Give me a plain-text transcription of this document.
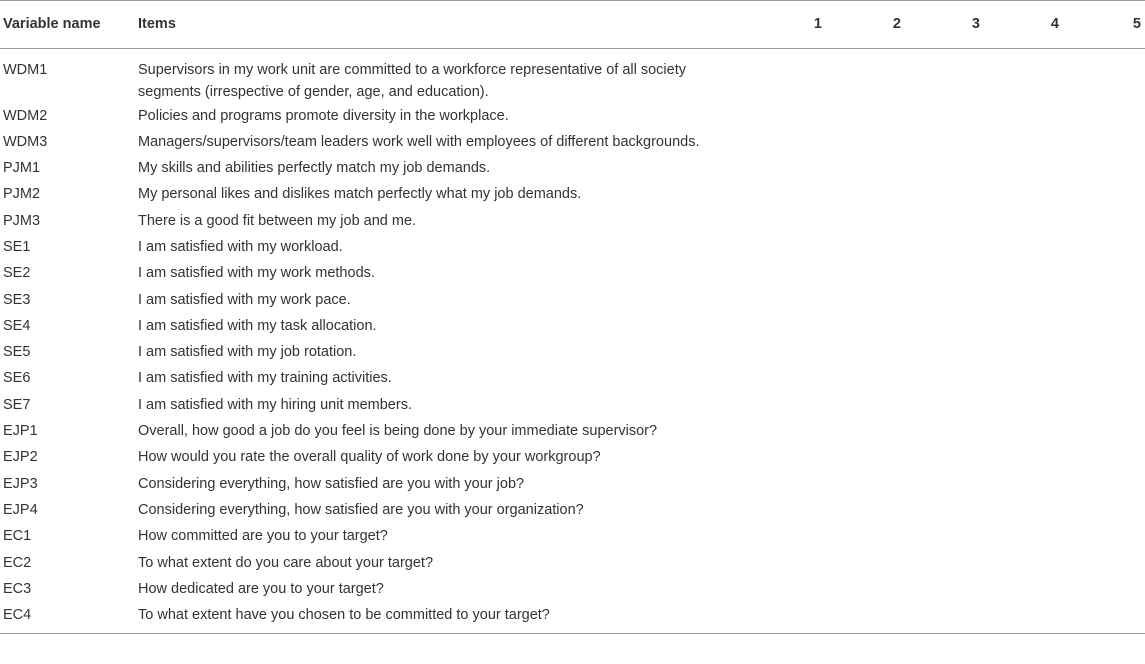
Variable name	Items	1	2	3	4	5
WDM1	Supervisors in my work unit are committed to a workforce representative of all society segments (irrespective of gender, age, and education).					

WDM2	Policies and programs promote diversity in the workplace.					

WDM3	Managers/supervisors/team leaders work well with employees of different backgrounds.					

PJM1	My skills and abilities perfectly match my job demands.					

PJM2	My personal likes and dislikes match perfectly what my job demands.					

PJM3	There is a good fit between my job and me.					

SE1	I am satisfied with my workload.					

SE2	I am satisfied with my work methods.					

SE3	I am satisfied with my work pace.					

SE4	I am satisfied with my task allocation.					

SE5	I am satisfied with my job rotation.					

SE6	I am satisfied with my training activities.					

SE7	I am satisfied with my hiring unit members.					

EJP1	Overall, how good a job do you feel is being done by your immediate supervisor?					

EJP2	How would you rate the overall quality of work done by your workgroup?					

EJP3	Considering everything, how satisfied are you with your job?					

EJP4	Considering everything, how satisfied are you with your organization?					

EC1	How committed are you to your target?					

EC2	To what extent do you care about your target?					

EC3	How dedicated are you to your target?					

EC4	To what extent have you chosen to be committed to your target?					
